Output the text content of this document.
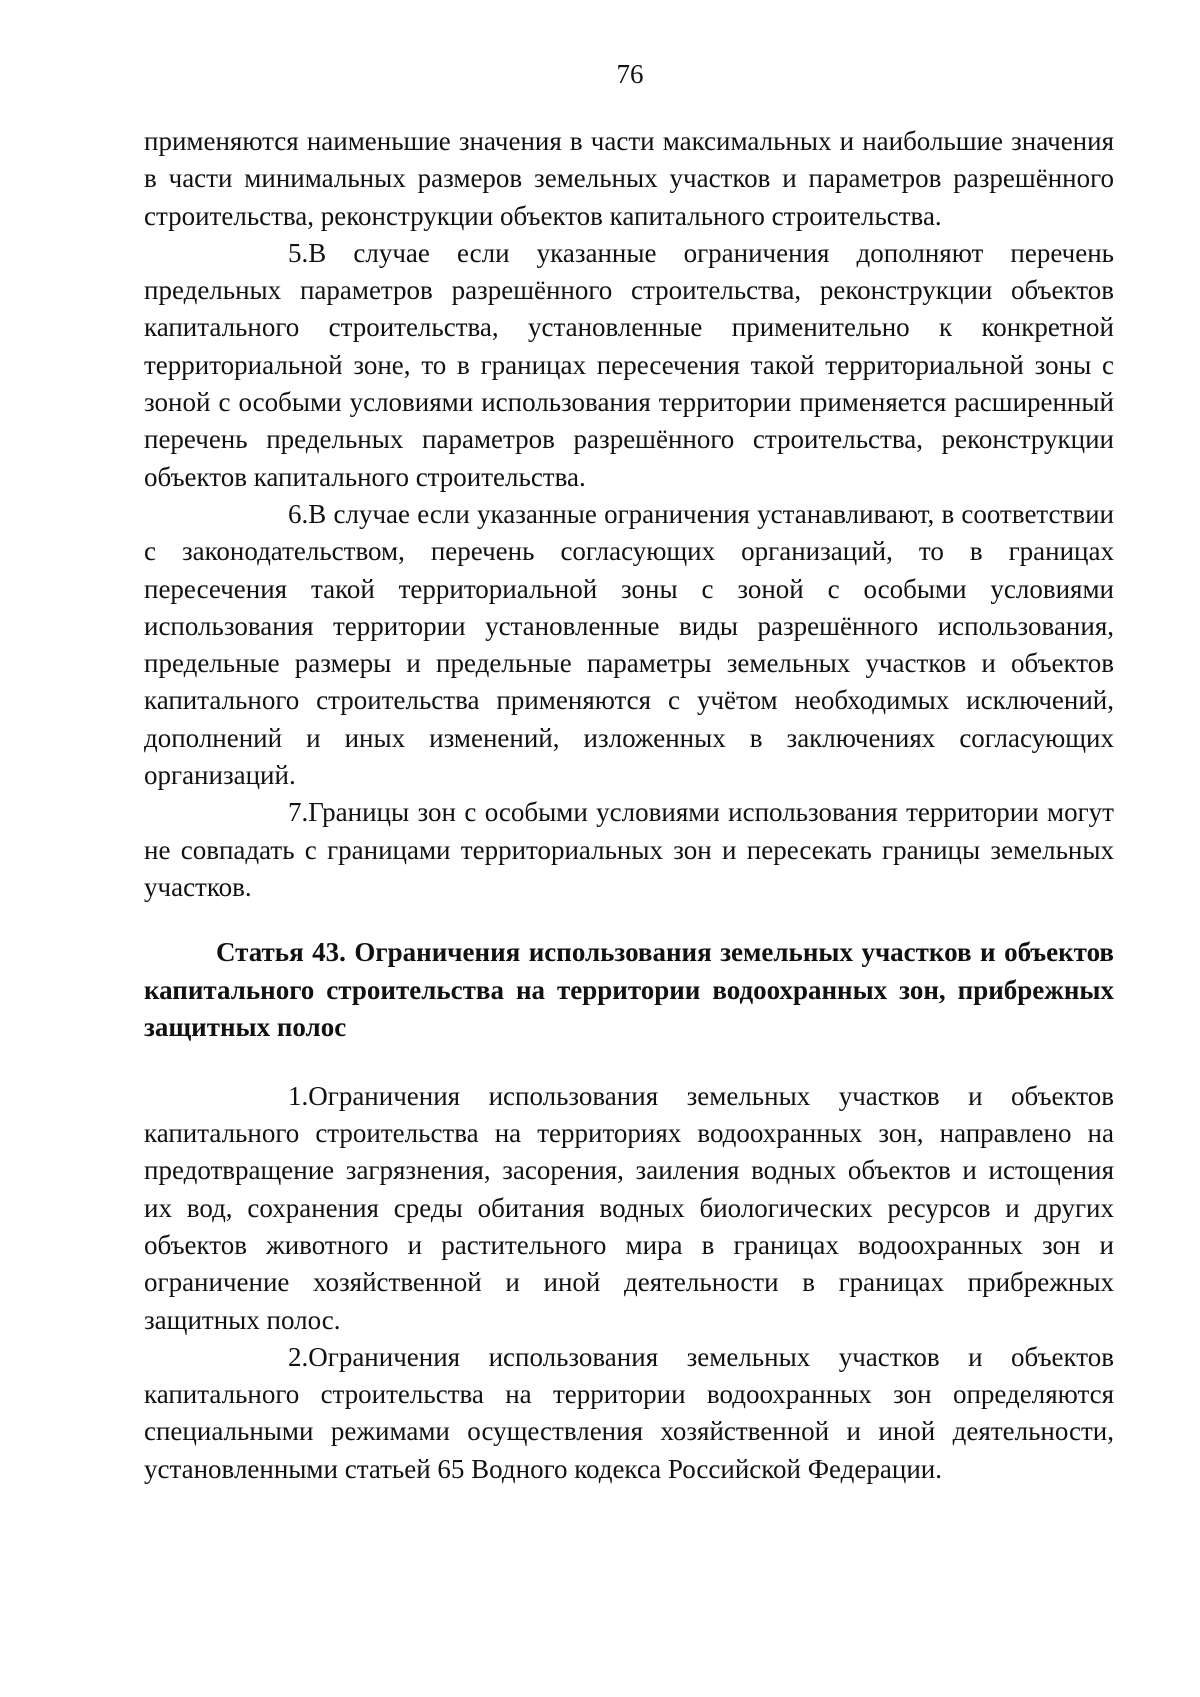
76

применяются наименьшие значения в части максимальных и наибольшие значения в части минимальных размеров земельных участков и параметров разрешённого строительства, реконструкции объектов капитального строительства.

5.В случае если указанные ограничения дополняют перечень предельных параметров разрешённого строительства, реконструкции объектов капитального строительства, установленные применительно к конкретной территориальной зоне, то в границах пересечения такой территориальной зоны с зоной с особыми условиями использования территории применяется расширенный перечень предельных параметров разрешённого строительства, реконструкции объектов капитального строительства.

6.В случае если указанные ограничения устанавливают, в соответствии с законодательством, перечень согласующих организаций, то в границах пересечения такой территориальной зоны с зоной с особыми условиями использования территории установленные виды разрешённого использования, предельные размеры и предельные параметры земельных участков и объектов капитального строительства применяются с учётом необходимых исключений, дополнений и иных изменений, изложенных в заключениях согласующих организаций.

7.Границы зон с особыми условиями использования территории могут не совпадать с границами территориальных зон и пересекать границы земельных участков.

Статья 43. Ограничения использования земельных участков и объектов капитального строительства на территории водоохранных зон, прибрежных защитных полос

1.Ограничения использования земельных участков и объектов капитального строительства на территориях водоохранных зон, направлено на предотвращение загрязнения, засорения, заиления водных объектов и истощения их вод, сохранения среды обитания водных биологических ресурсов и других объектов животного и растительного мира в границах водоохранных зон и ограничение хозяйственной и иной деятельности в границах прибрежных защитных полос.

2.Ограничения использования земельных участков и объектов капитального строительства на территории водоохранных зон определяются специальными режимами осуществления хозяйственной и иной деятельности, установленными статьей 65 Водного кодекса Российской Федерации.
